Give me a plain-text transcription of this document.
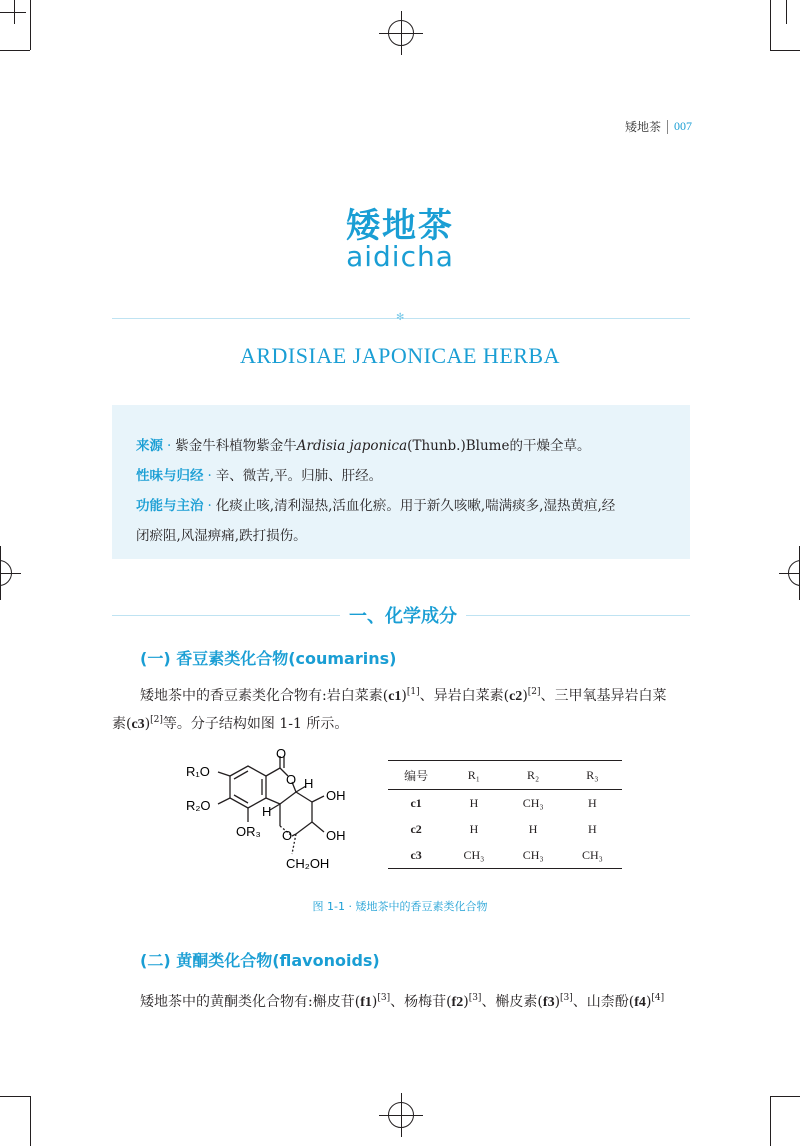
矮地茶 007
矮地茶
aidicha
✻
ARDISIAE JAPONICAE HERBA

来源 · 紫金牛科植物紫金牛Ardisia japonica(Thunb.)Blume的干燥全草。

性味与归经 · 辛、微苦,平。归肺、肝经。

功能与主治 · 化痰止咳,清利湿热,活血化瘀。用于新久咳嗽,喘满痰多,湿热黄疸,经

闭瘀阻,风湿痹痛,跌打损伤。

一、化学成分
(一) 香豆素类化合物(coumarins)
矮地茶中的香豆素类化合物有:岩白菜素(c1)[1]、异岩白菜素(c2)[2]、三甲氧基异岩白菜
素(c3)[2]等。分子结构如图 1-1 所示。
R₁O
R₂O
OR₃
O
O
O
H
H
OH
OH
CH₂OH
编号	R₁	R₂	R₃
c1	H	CH₃	H
c2	H	H	H
c3	CH₃	CH₃	CH₃
图 1-1 · 矮地茶中的香豆素类化合物
(二) 黄酮类化合物(flavonoids)
矮地茶中的黄酮类化合物有:槲皮苷(f1)[3]、杨梅苷(f2)[3]、槲皮素(f3)[3]、山柰酚(f4)[4]
